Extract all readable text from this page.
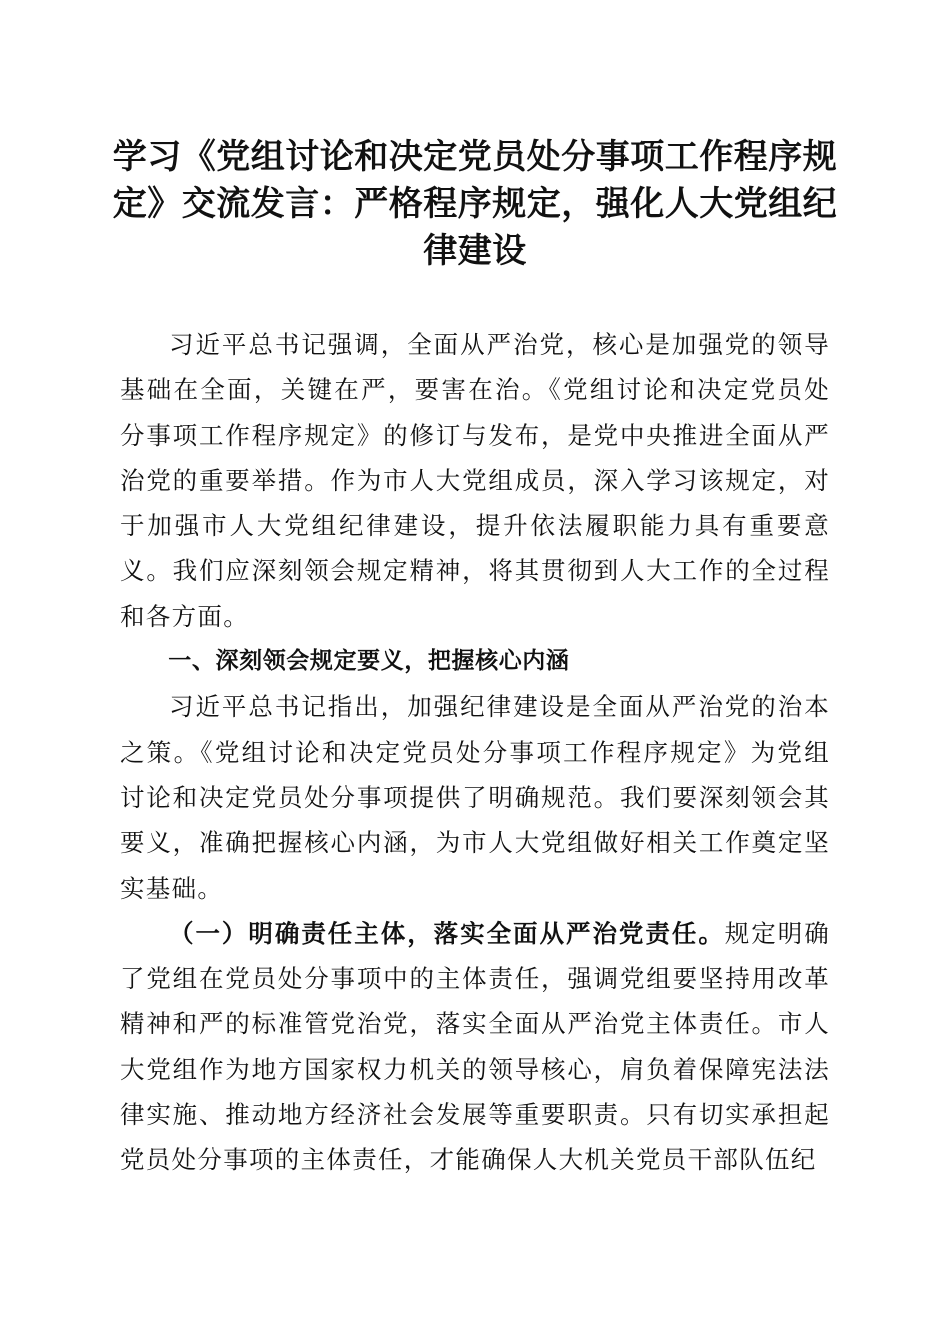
学习《党组讨论和决定党员处分事项工作程序规定》交流发言：严格程序规定，强化人大党组纪律建设

习近平总书记强调，全面从严治党，核心是加强党的领导基础在全面，关键在严，要害在治。《党组讨论和决定党员处分事项工作程序规定》的修订与发布，是党中央推进全面从严治党的重要举措。作为市人大党组成员，深入学习该规定，对于加强市人大党组纪律建设，提升依法履职能力具有重要意义。我们应深刻领会规定精神，将其贯彻到人大工作的全过程和各方面。

一、深刻领会规定要义，把握核心内涵

习近平总书记指出，加强纪律建设是全面从严治党的治本之策。《党组讨论和决定党员处分事项工作程序规定》为党组讨论和决定党员处分事项提供了明确规范。我们要深刻领会其要义，准确把握核心内涵，为市人大党组做好相关工作奠定坚实基础。

（一）明确责任主体，落实全面从严治党责任。规定明确了党组在党员处分事项中的主体责任，强调党组要坚持用改革精神和严的标准管党治党，落实全面从严治党主体责任。市人大党组作为地方国家权力机关的领导核心，肩负着保障宪法法律实施、推动地方经济社会发展等重要职责。只有切实承担起党员处分事项的主体责任，才能确保人大机关党员干部队伍纪
